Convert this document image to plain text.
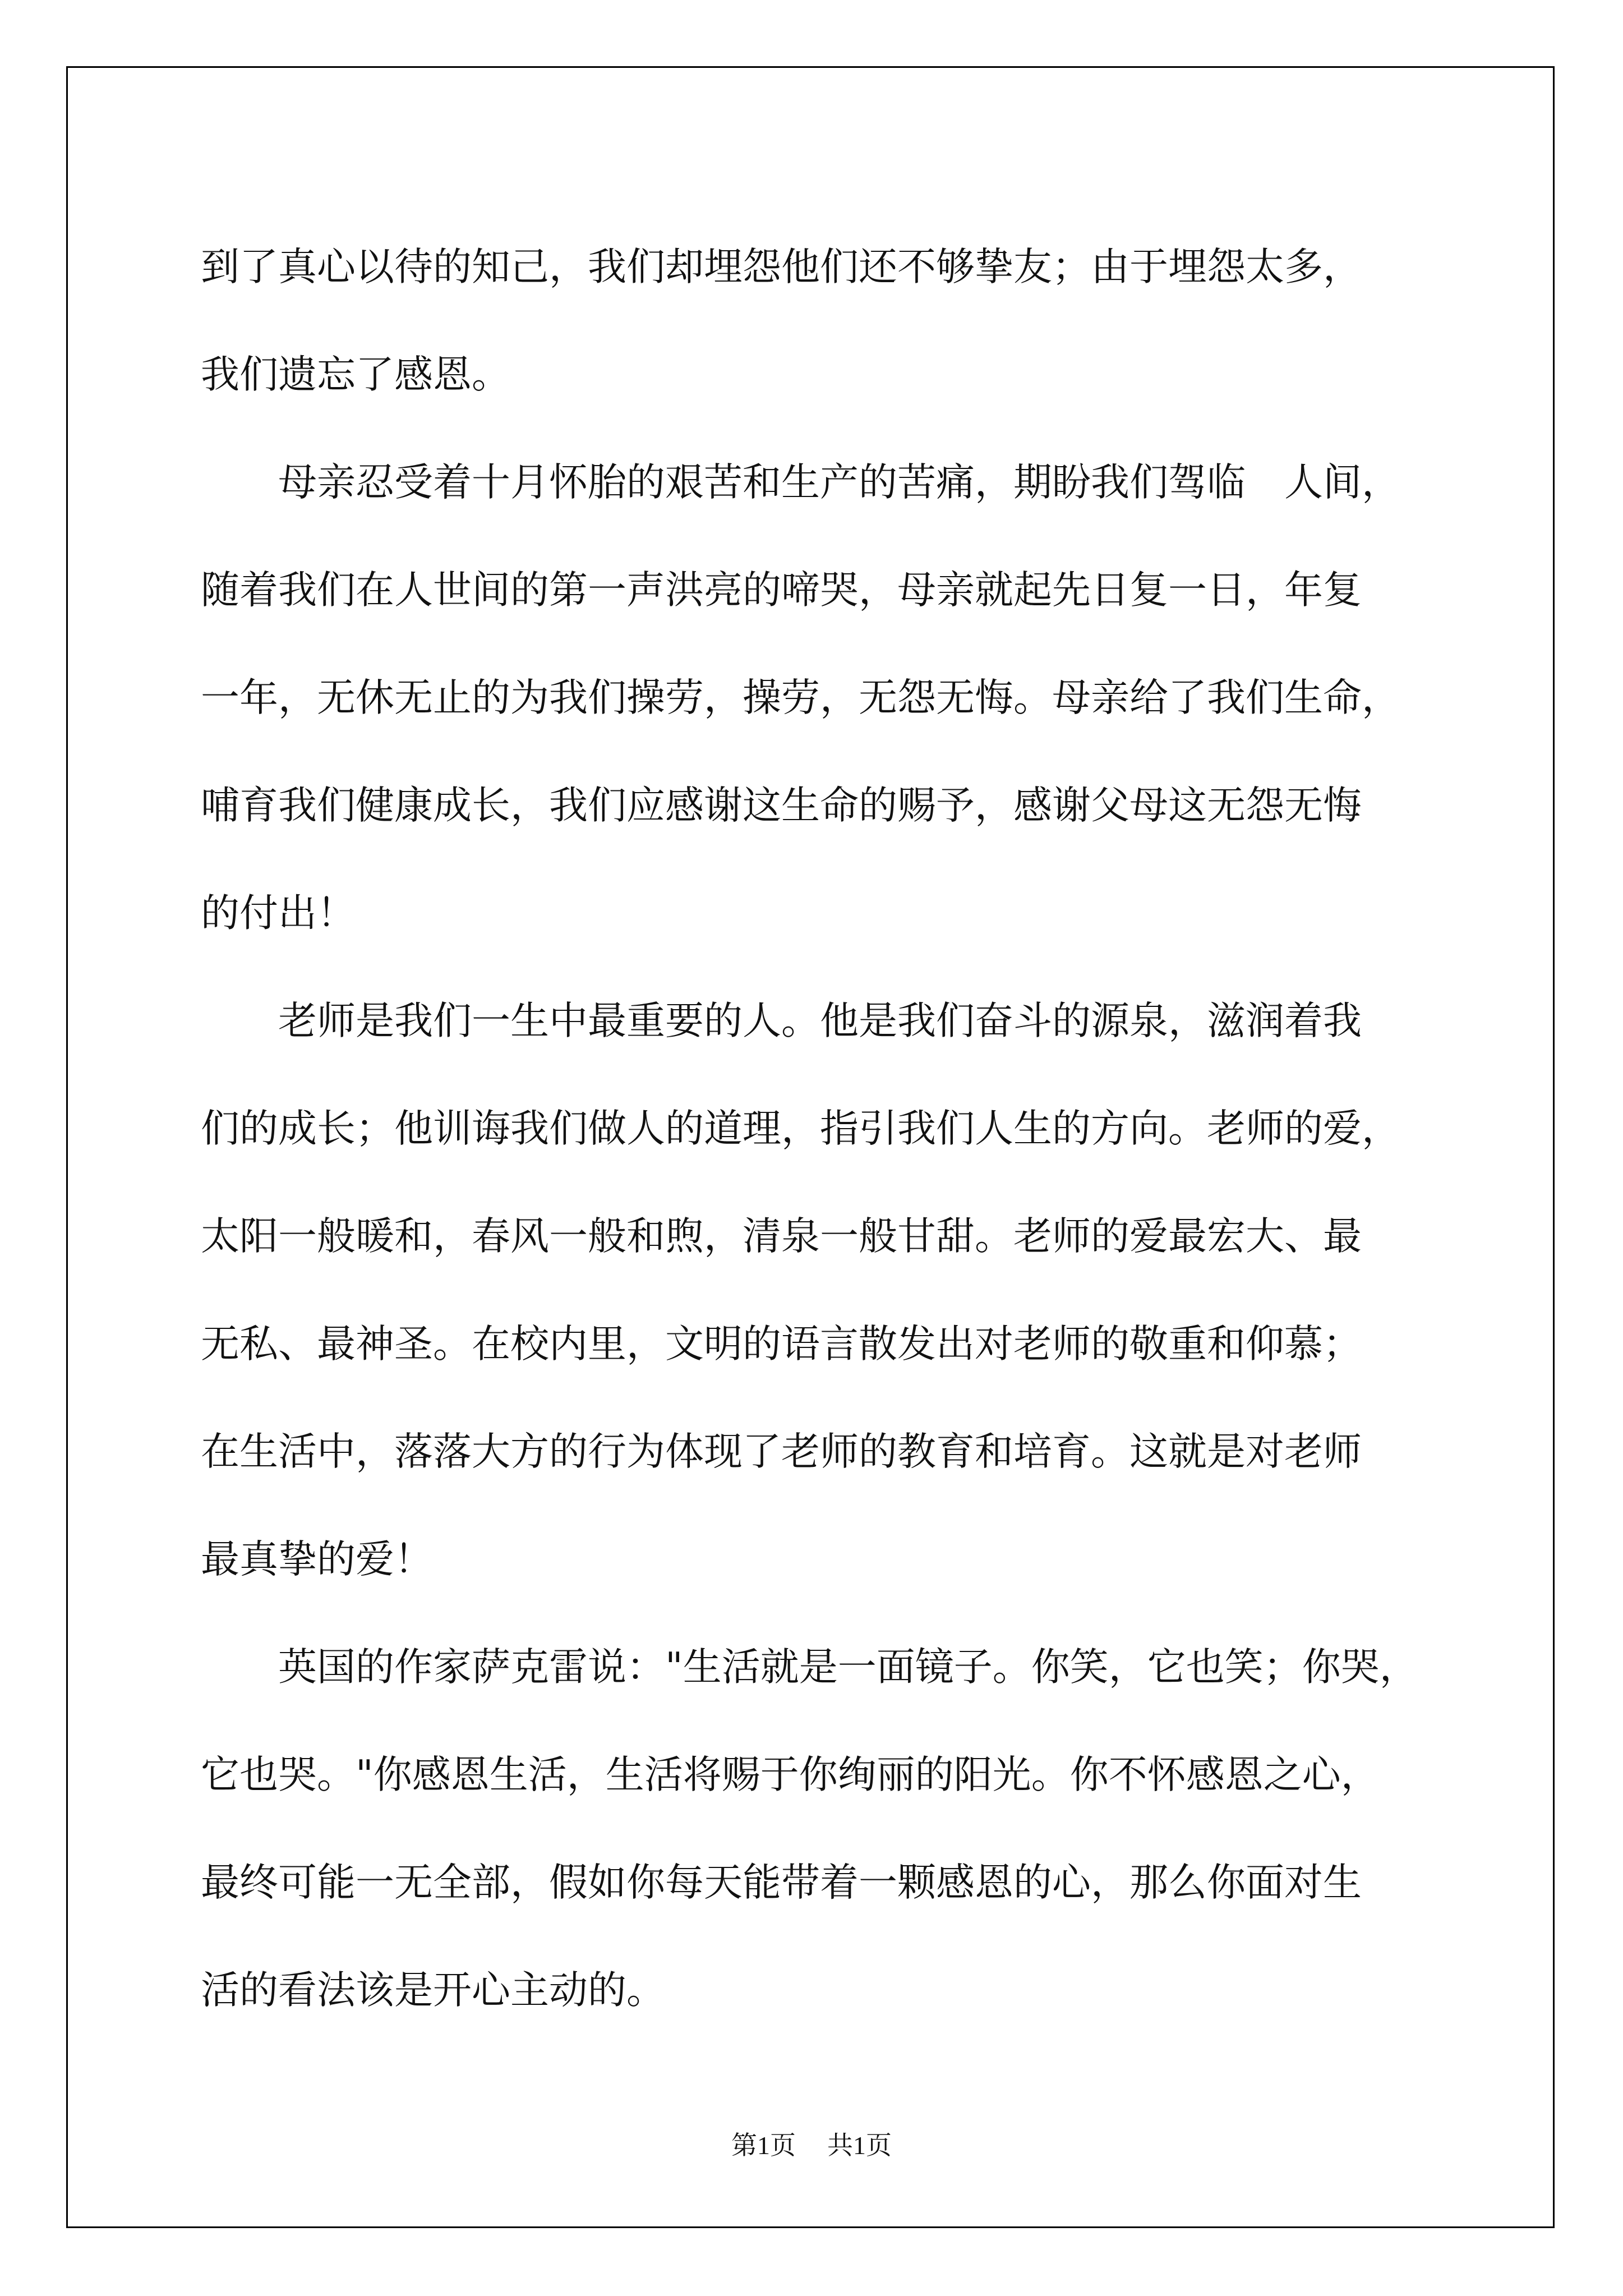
到了真心以待的知己，我们却埋怨他们还不够挚友；由于埋怨太多，
我们遗忘了感恩。
　　母亲忍受着十月怀胎的艰苦和生产的苦痛，期盼我们驾临　人间，
随着我们在人世间的第一声洪亮的啼哭，母亲就起先日复一日，年复
一年，无休无止的为我们操劳，操劳，无怨无悔。母亲给了我们生命，
哺育我们健康成长，我们应感谢这生命的赐予，感谢父母这无怨无悔
的付出！
　　老师是我们一生中最重要的人。他是我们奋斗的源泉，滋润着我
们的成长；他训诲我们做人的道理，指引我们人生的方向。老师的爱，
太阳一般暖和，春风一般和煦，清泉一般甘甜。老师的爱最宏大、最
无私、最神圣。在校内里，文明的语言散发出对老师的敬重和仰慕；
在生活中，落落大方的行为体现了老师的教育和培育。这就是对老师
最真挚的爱！
　　英国的作家萨克雷说："生活就是一面镜子。你笑，它也笑；你哭，
它也哭。"你感恩生活，生活将赐于你绚丽的阳光。你不怀感恩之心，
最终可能一无全部，假如你每天能带着一颗感恩的心，那么你面对生
活的看法该是开心主动的。
第1页 共1页
